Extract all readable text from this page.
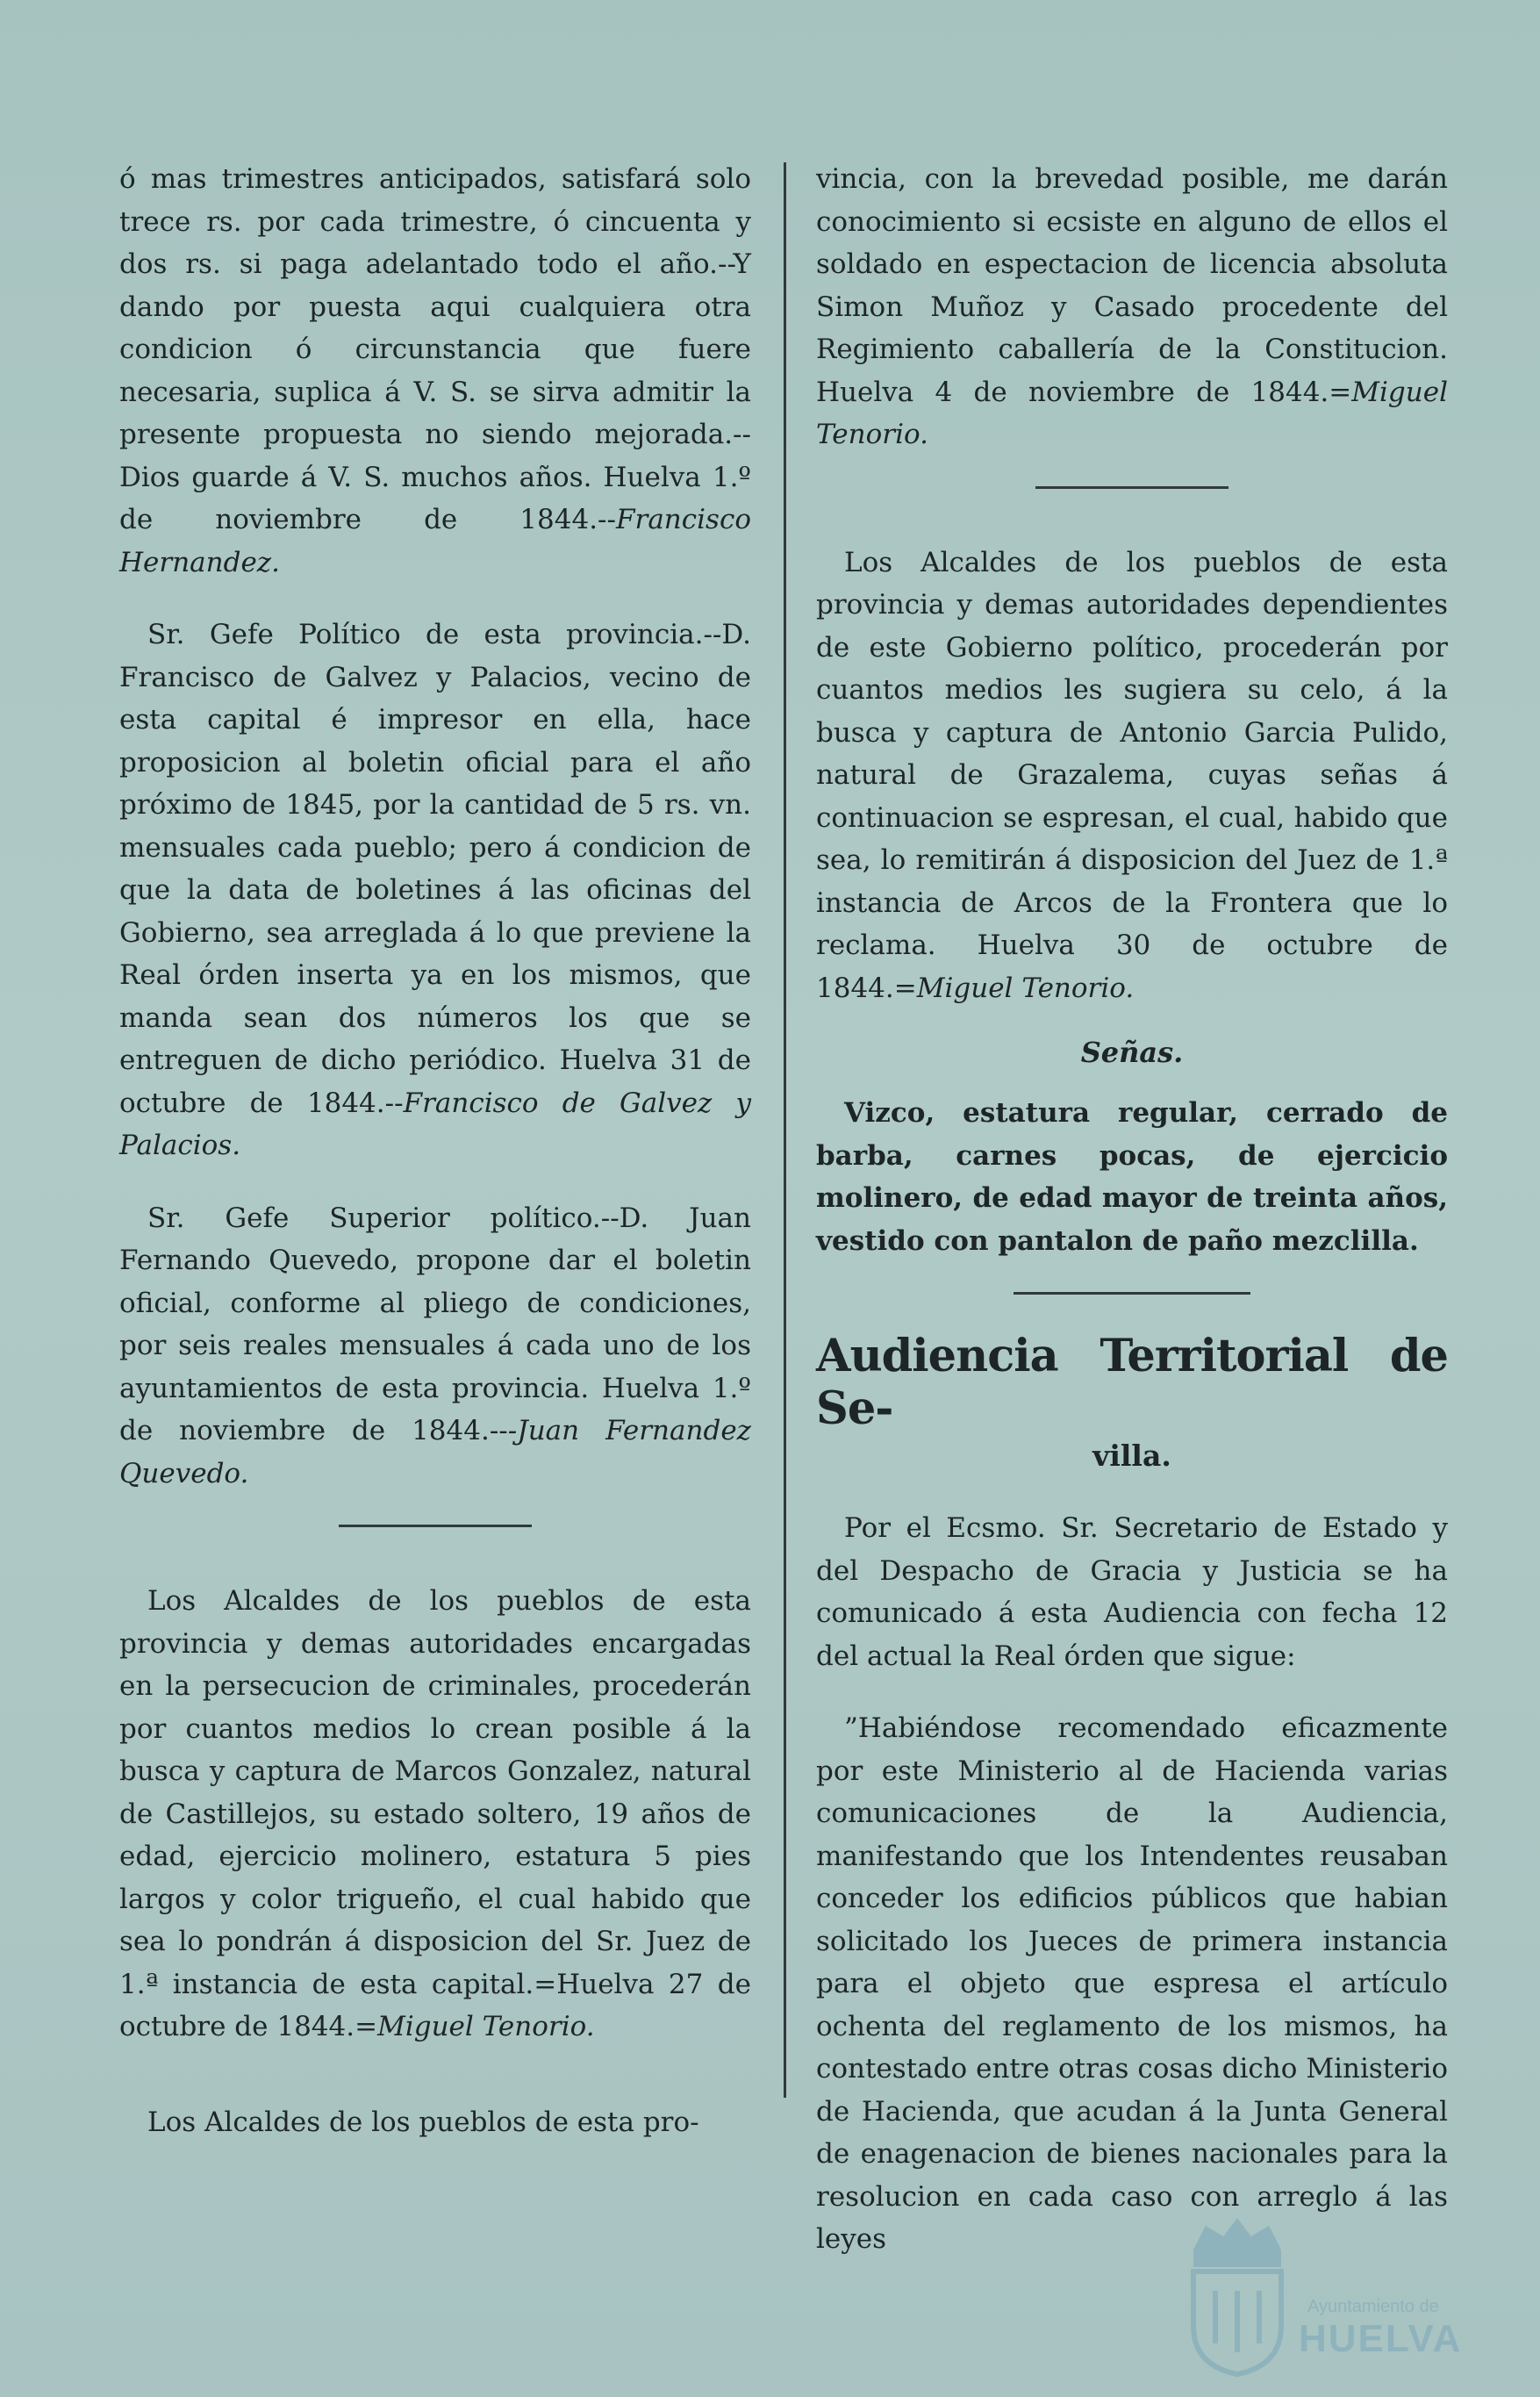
ó mas trimestres anticipados, satisfará solo trece rs. por cada trimestre, ó cincuenta y dos rs. si paga adelantado todo el año.--Y dando por puesta aqui cualquiera otra condicion ó circunstancia que fuere necesaria, suplica á V. S. se sirva admitir la presente propuesta no siendo mejorada.--Dios guarde á V. S. muchos años. Huelva 1.º de noviembre de 1844.--Francisco Hernandez.

Sr. Gefe Político de esta provincia.--D. Francisco de Galvez y Palacios, vecino de esta capital é impresor en ella, hace proposicion al boletin oficial para el año próximo de 1845, por la cantidad de 5 rs. vn. mensuales cada pueblo; pero á condicion de que la data de boletines á las oficinas del Gobierno, sea arreglada á lo que previene la Real órden inserta ya en los mismos, que manda sean dos números los que se entreguen de dicho periódico. Huelva 31 de octubre de 1844.--Francisco de Galvez y Palacios.

Sr. Gefe Superior político.--D. Juan Fernando Quevedo, propone dar el boletin oficial, conforme al pliego de condiciones, por seis reales mensuales á cada uno de los ayuntamientos de esta provincia. Huelva 1.º de noviembre de 1844.---Juan Fernandez Quevedo.

Los Alcaldes de los pueblos de esta provincia y demas autoridades encargadas en la persecucion de criminales, procederán por cuantos medios lo crean posible á la busca y captura de Marcos Gonzalez, natural de Castillejos, su estado soltero, 19 años de edad, ejercicio molinero, estatura 5 pies largos y color trigueño, el cual habido que sea lo pondrán á disposicion del Sr. Juez de 1.ª instancia de esta capital.=Huelva 27 de octubre de 1844.=Miguel Tenorio.

Los Alcaldes de los pueblos de esta pro-

vincia, con la brevedad posible, me darán conocimiento si ecsiste en alguno de ellos el soldado en espectacion de licencia absoluta Simon Muñoz y Casado procedente del Regimiento caballería de la Constitucion. Huelva 4 de noviembre de 1844.=Miguel Tenorio.

Los Alcaldes de los pueblos de esta provincia y demas autoridades dependientes de este Gobierno político, procederán por cuantos medios les sugiera su celo, á la busca y captura de Antonio Garcia Pulido, natural de Grazalema, cuyas señas á continuacion se espresan, el cual, habido que sea, lo remitirán á disposicion del Juez de 1.ª instancia de Arcos de la Frontera que lo reclama. Huelva 30 de octubre de 1844.=Miguel Tenorio.

Señas.

Vizco, estatura regular, cerrado de barba, carnes pocas, de ejercicio molinero, de edad mayor de treinta años, vestido con pantalon de paño mezclilla.

Audiencia Territorial de Se-
villa.

Por el Ecsmo. Sr. Secretario de Estado y del Despacho de Gracia y Justicia se ha comunicado á esta Audiencia con fecha 12 del actual la Real órden que sigue:

”Habiéndose recomendado eficazmente por este Ministerio al de Hacienda varias comunicaciones de la Audiencia, manifestando que los Intendentes reusaban conceder los edificios públicos que habian solicitado los Jueces de primera instancia para el objeto que espresa el artículo ochenta del reglamento de los mismos, ha contestado entre otras cosas dicho Ministerio de Hacienda, que acudan á la Junta General de enagenacion de bienes nacionales para la resolucion en cada caso con arreglo á las leyes

Ayuntamiento de
HUELVA
